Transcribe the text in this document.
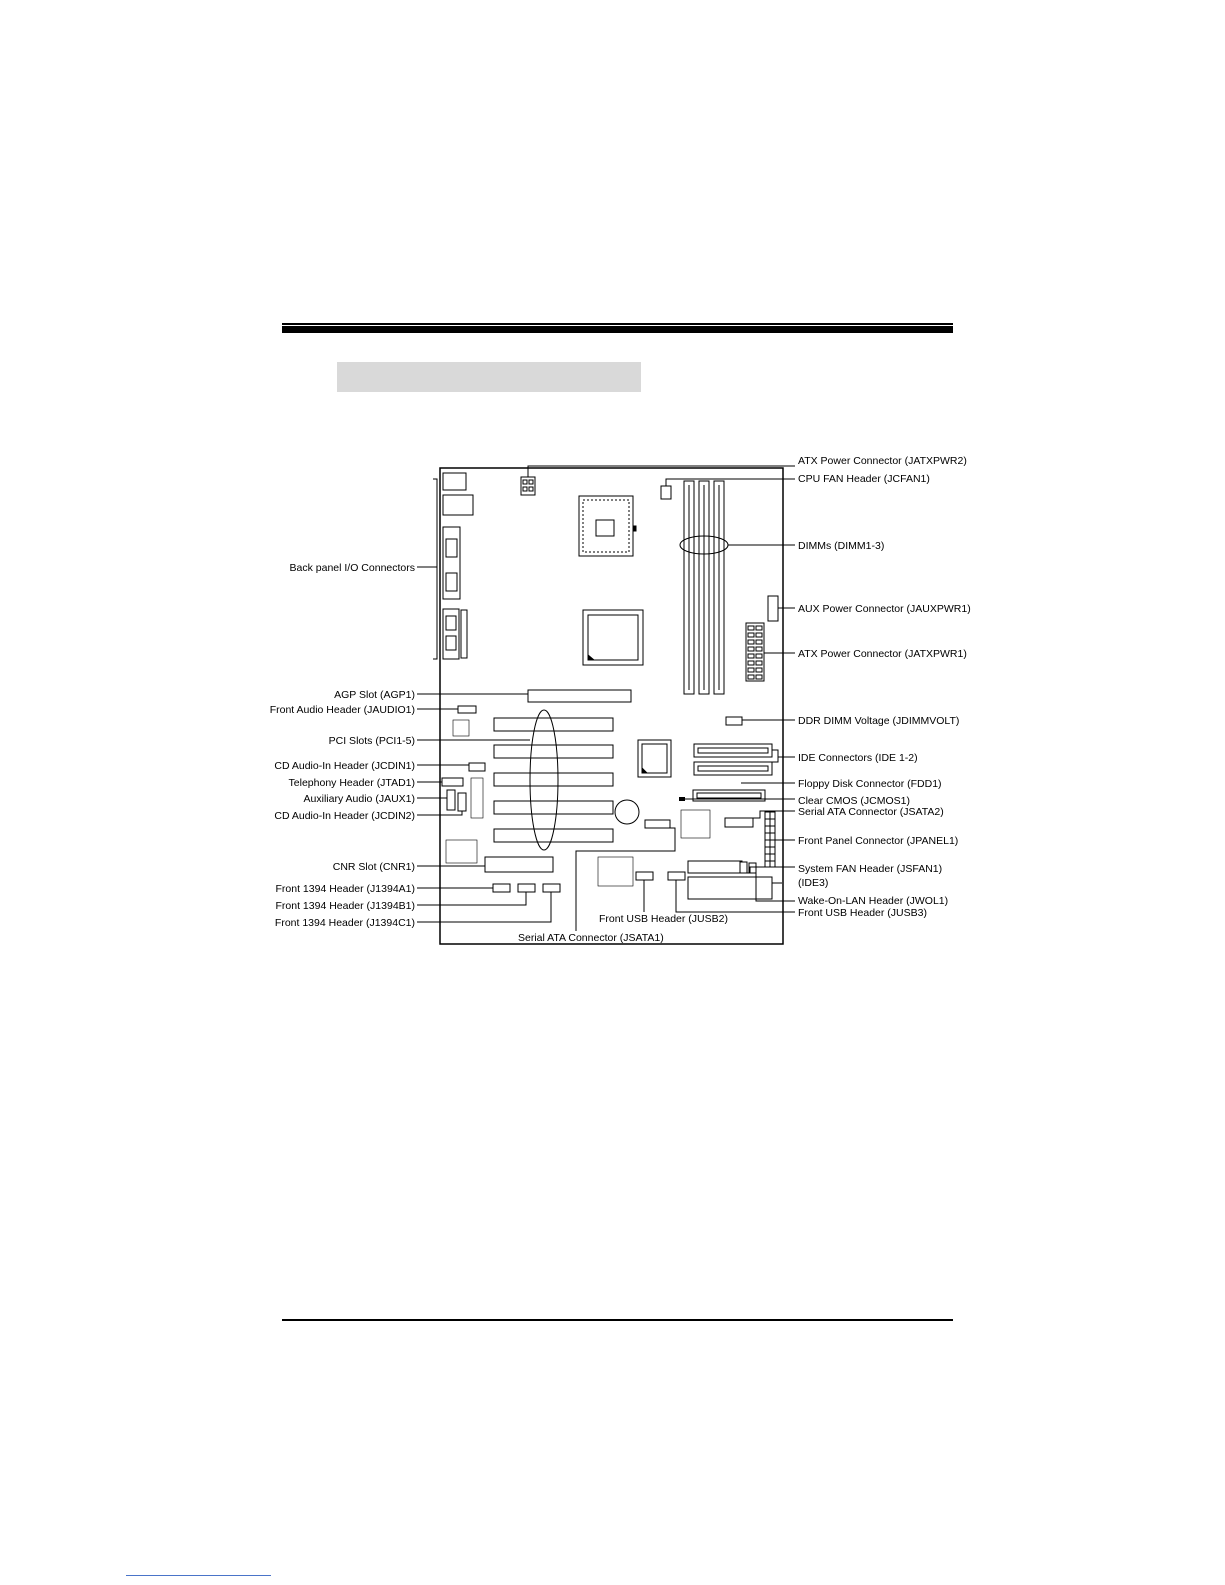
ATX Power Connector (JATXPWR2)
CPU FAN Header (JCFAN1)
DIMMs (DIMM1-3)
AUX Power Connector (JAUXPWR1)
ATX Power Connector (JATXPWR1)
DDR DIMM Voltage (JDIMMVOLT)
IDE Connectors (IDE 1-2)
Floppy Disk Connector (FDD1)
Clear CMOS (JCMOS1)
Serial ATA Connector (JSATA2)
Front Panel Connector (JPANEL1)
System FAN Header (JSFAN1)
(IDE3)
Wake-On-LAN Header (JWOL1)
Front USB Header (JUSB3)
Front USB Header (JUSB2)
Serial ATA Connector (JSATA1)
Back panel I/O Connectors
AGP Slot (AGP1)
Front Audio Header (JAUDIO1)
PCI Slots (PCI1-5)
CD Audio-In Header (JCDIN1)
Telephony Header (JTAD1)
Auxiliary Audio (JAUX1)
CD Audio-In Header (JCDIN2)
CNR Slot (CNR1)
Front 1394 Header (J1394A1)
Front 1394 Header (J1394B1)
Front 1394 Header (J1394C1)
